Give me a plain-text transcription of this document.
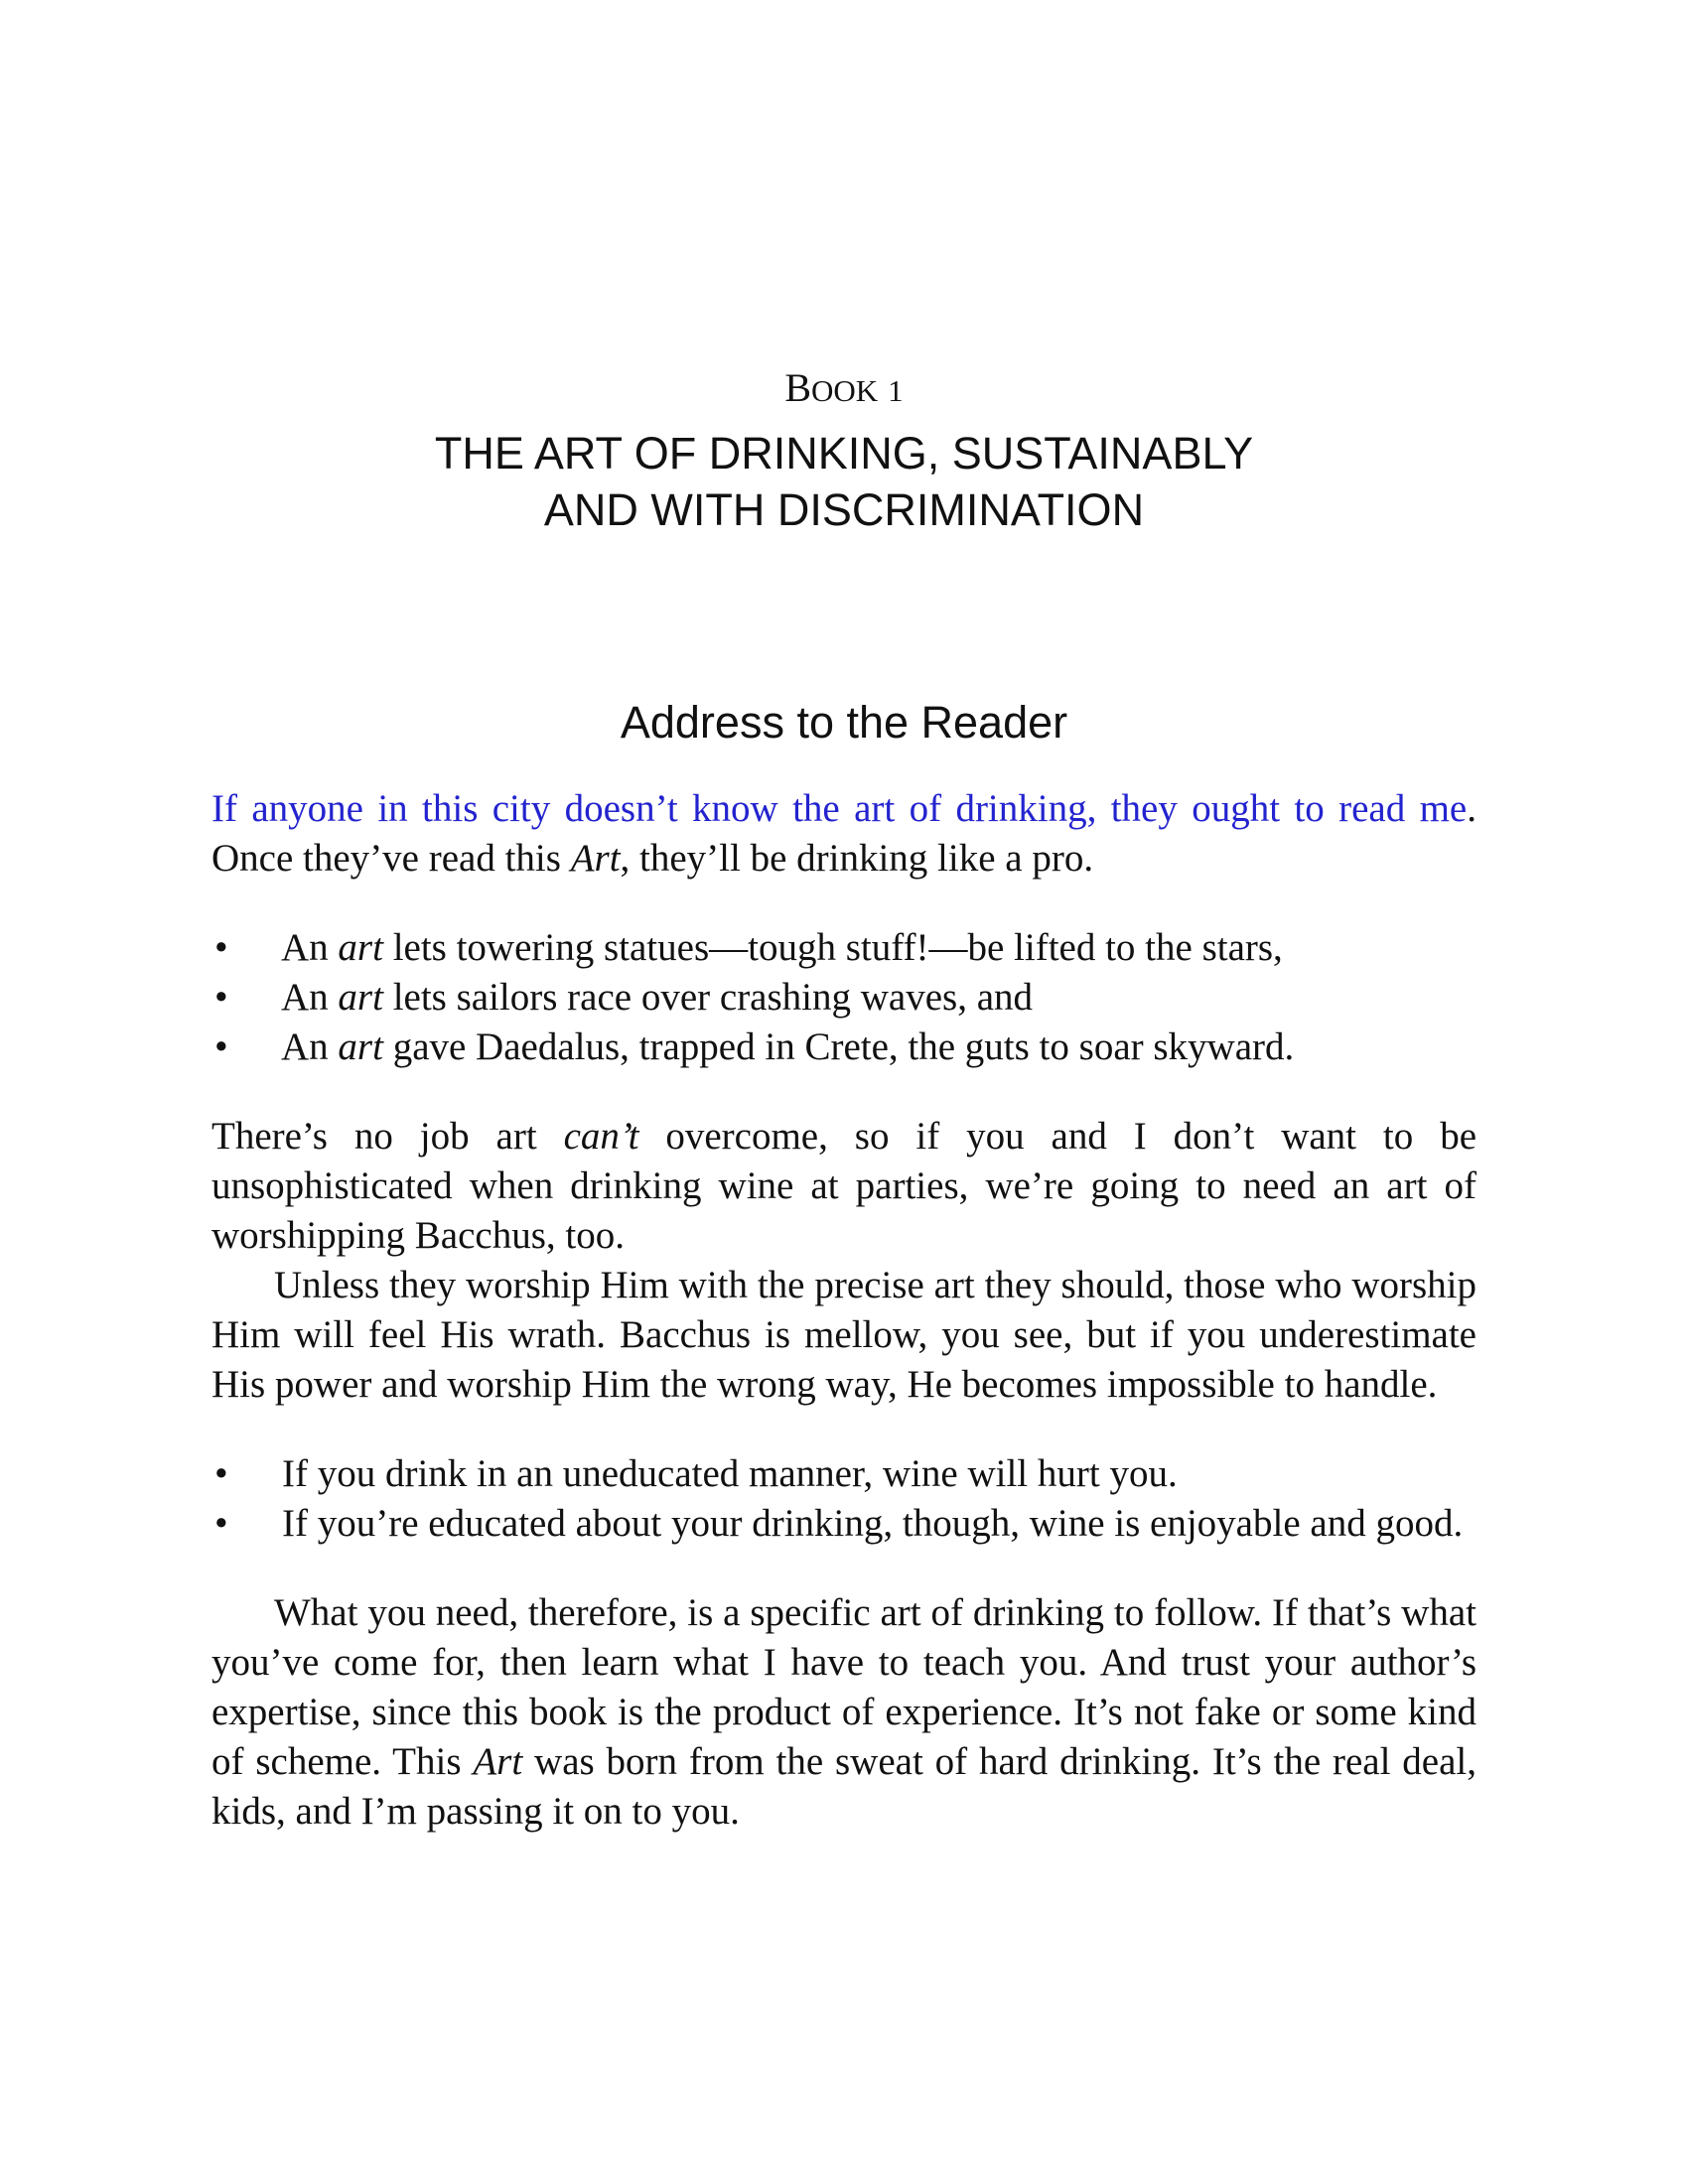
BOOK 1
THE ART OF DRINKING, SUSTAINABLY
AND WITH DISCRIMINATION
Address to the Reader

If anyone in this city doesn’t know the art of drinking, they ought to read me. Once they’ve read this Art, they’ll be drinking like a pro.

• An art lets towering statues—tough stuff!—be lifted to the stars,
• An art lets sailors race over crashing waves, and
• An art gave Daedalus, trapped in Crete, the guts to soar skyward.

There’s no job art can’t overcome, so if you and I don’t want to be unsophisticated when drinking wine at parties, we’re going to need an art of worshipping Bacchus, too.

Unless they worship Him with the precise art they should, those who worship Him will feel His wrath. Bacchus is mellow, you see, but if you underestimate His power and worship Him the wrong way, He becomes impossible to handle.

• If you drink in an uneducated manner, wine will hurt you.
• If you’re educated about your drinking, though, wine is enjoyable and good.

What you need, therefore, is a specific art of drinking to follow. If that’s what you’ve come for, then learn what I have to teach you. And trust your author’s expertise, since this book is the product of experience. It’s not fake or some kind of scheme. This Art was born from the sweat of hard drinking. It’s the real deal, kids, and I’m passing it on to you.
